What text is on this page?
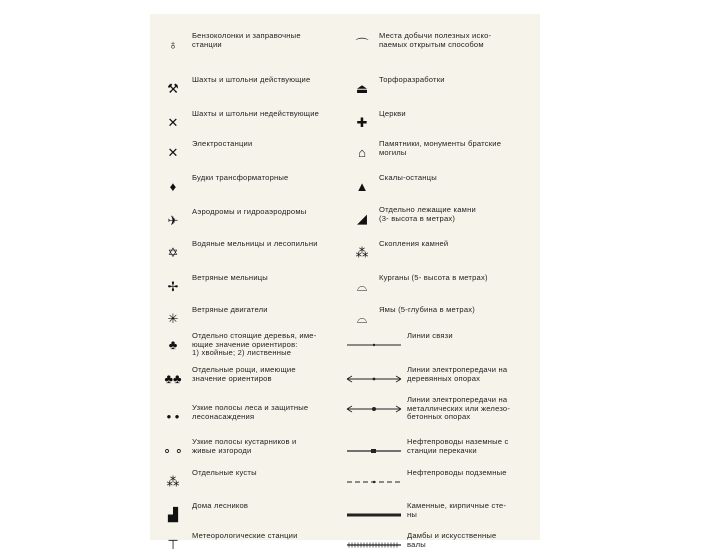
♁
Бензоколонки и заправочные
станции
⚒
Шахты и штольни действующие
✕
Шахты и штольни недействующие
✕
Электростанции
♦
Будки трансформаторные
✈
Аэродромы и гидроаэродромы
✡
Водяные мельницы и лесопильни
✢
Ветряные мельницы
✳
Ветряные двигатели
♣
Отдельно стоящие деревья, име-
ющие значение ориентиров:
1) хвойные; 2) лиственные
♣♣
Отдельные рощи, имеющие
значение ориентиров
• •
Узкие полосы леса и защитные
лесонасаждения
∘ ∘
Узкие полосы кустарников и
живые изгороди
⁂
Отдельные кусты
▟
Дома лесников
⊤
Метеорологические станции
⌒
Места добычи полезных иско-
паемых открытым способом
⏏
Торфоразработки
✚
Церкви
⌂
Памятники, монументы братские
могилы
▲
Скалы-останцы
◢
Отдельно лежащие камни
(3- высота в метрах)
⁂
Скопления камней
⌓
Курганы (5- высота в метрах)
⌓
Ямы (5-глубина в метрах)
Линии связи
Линии электропередачи на
деревянных опорах
Линии электропередачи на
металлических или железо-
бетонных опорах
Нефтепроводы наземные с
станции перекачки
Нефтепроводы подземные
Каменные, кирпичные сте-
ны
Дамбы и искусственные
валы
